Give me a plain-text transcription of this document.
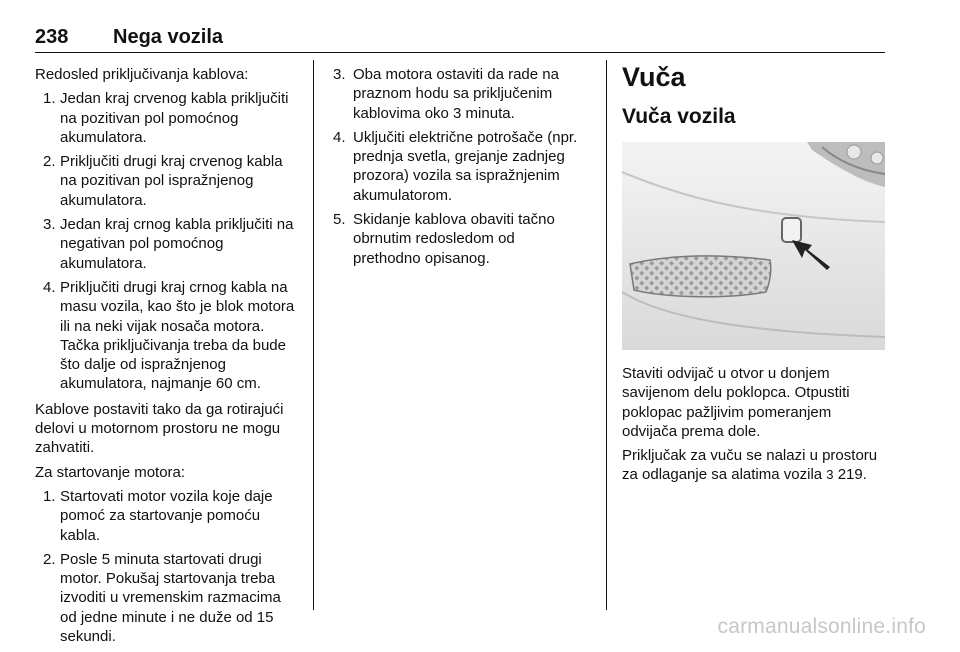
238 Nega vozila

Redosled priključivanja kablova:

1. Jedan kraj crvenog kabla priključiti na pozitivan pol pomoćnog akumulatora.
2. Priključiti drugi kraj crvenog kabla na pozitivan pol ispražnjenog akumulatora.
3. Jedan kraj crnog kabla priključiti na negativan pol pomoćnog akumulatora.
4. Priključiti drugi kraj crnog kabla na masu vozila, kao što je blok motora ili na neki vijak nosača motora. Tačka priključivanja treba da bude što dalje od ispražnjenog akumulatora, najmanje 60 cm.

Kablove postaviti tako da ga rotirajući delovi u motornom prostoru ne mogu zahvatiti.

Za startovanje motora:

1. Startovati motor vozila koje daje pomoć za startovanje pomoću kabla.
2. Posle 5 minuta startovati drugi motor. Pokušaj startovanja treba izvoditi u vremenskim razmacima od jedne minute i ne duže od 15 sekundi.
3. Oba motora ostaviti da rade na praznom hodu sa priključenim kablovima oko 3 minuta.
4. Uključiti električne potrošače (npr. prednja svetla, grejanje zadnjeg prozora) vozila sa ispražnjenim akumulatorom.
5. Skidanje kablova obaviti tačno obrnutim redosledom od prethodno opisanog.
Vuča
Vuča vozila

Staviti odvijač u otvor u donjem savijenom delu poklopca. Otpustiti poklopac pažljivim pomeranjem odvijača prema dole.

Priključak za vuču se nalazi u prostoru za odlaganje sa alatima vozila 3 219.

carmanualsonline.info
